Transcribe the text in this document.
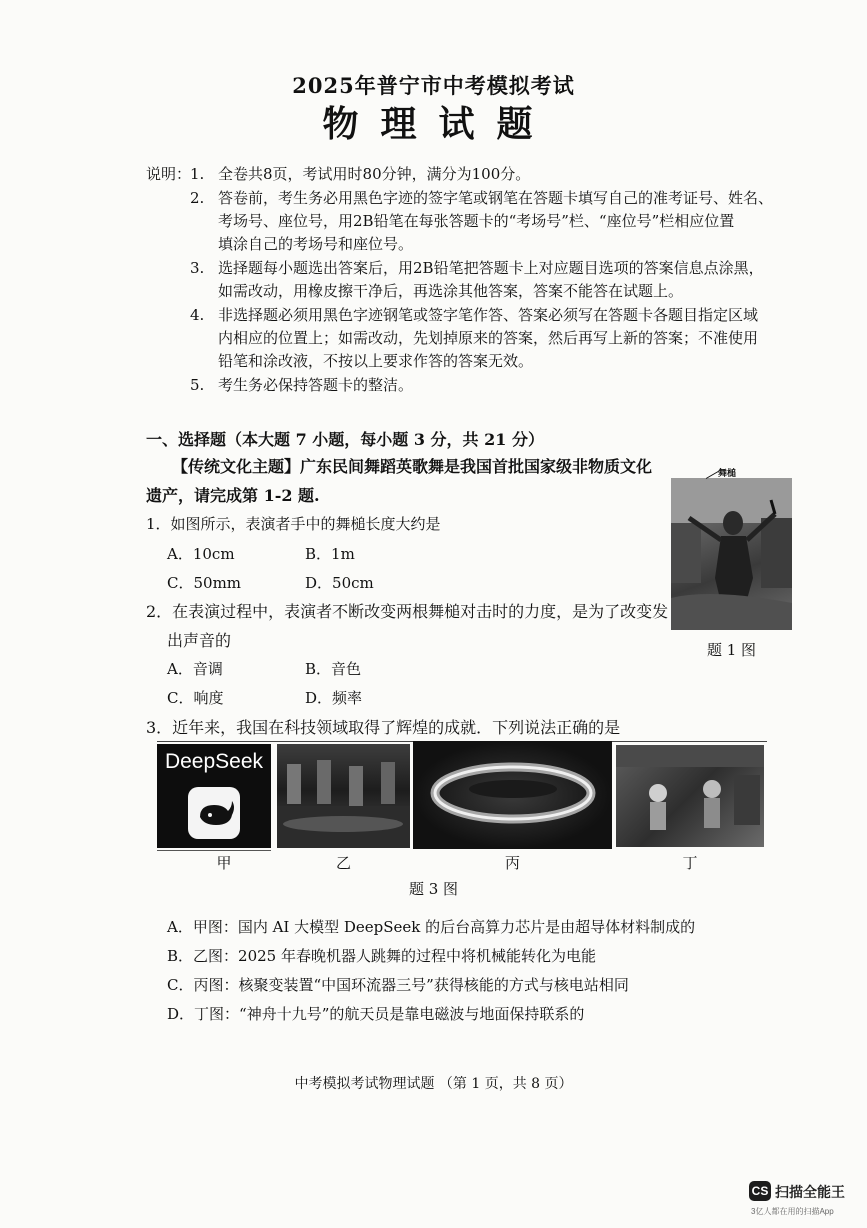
2025年普宁市中考模拟考试
物理试题
说明：
1. 全卷共8页，考试用时80分钟，满分为100分。
2. 答卷前，考生务必用黑色字迹的签字笔或钢笔在答题卡填写自己的准考证号、姓名、
考场号、座位号，用2B铅笔在每张答题卡的“考场号”栏、“座位号”栏相应位置
填涂自己的考场号和座位号。
3. 选择题每小题选出答案后，用2B铅笔把答题卡上对应题目选项的答案信息点涂黑，
如需改动，用橡皮擦干净后，再选涂其他答案，答案不能答在试题上。
4. 非选择题必须用黑色字迹钢笔或签字笔作答、答案必须写在答题卡各题目指定区域
内相应的位置上；如需改动，先划掉原来的答案，然后再写上新的答案；不准使用
铅笔和涂改液，不按以上要求作答的答案无效。
5. 考生务必保持答题卡的整洁。
一、选择题（本大题 7 小题，每小题 3 分，共 21 分）
【传统文化主题】广东民间舞蹈英歌舞是我国首批国家级非物质文化
遗产，请完成第 1-2 题.
舞槌
题 1 图
1．如图所示，表演者手中的舞槌长度大约是
A．10cm	B．1m
C．50mm	D．50cm
2．在表演过程中，表演者不断改变两根舞槌对击时的力度，是为了改变发
出声音的
A．音调	B．音色
C．响度	D．频率
3．近年来，我国在科技领域取得了辉煌的成就．下列说法正确的是
DeepSeek
甲	乙	丙	丁
题 3 图
A．甲图：国内 AI 大模型 DeepSeek 的后台高算力芯片是由超导体材料制成的
B．乙图：2025 年春晚机器人跳舞的过程中将机械能转化为电能
C．丙图：核聚变装置“中国环流器三号”获得核能的方式与核电站相同
D．丁图：“神舟十九号”的航天员是靠电磁波与地面保持联系的
中考模拟考试物理试题 （第 1 页，共 8 页）
CS 扫描全能王
3亿人都在用的扫描App
